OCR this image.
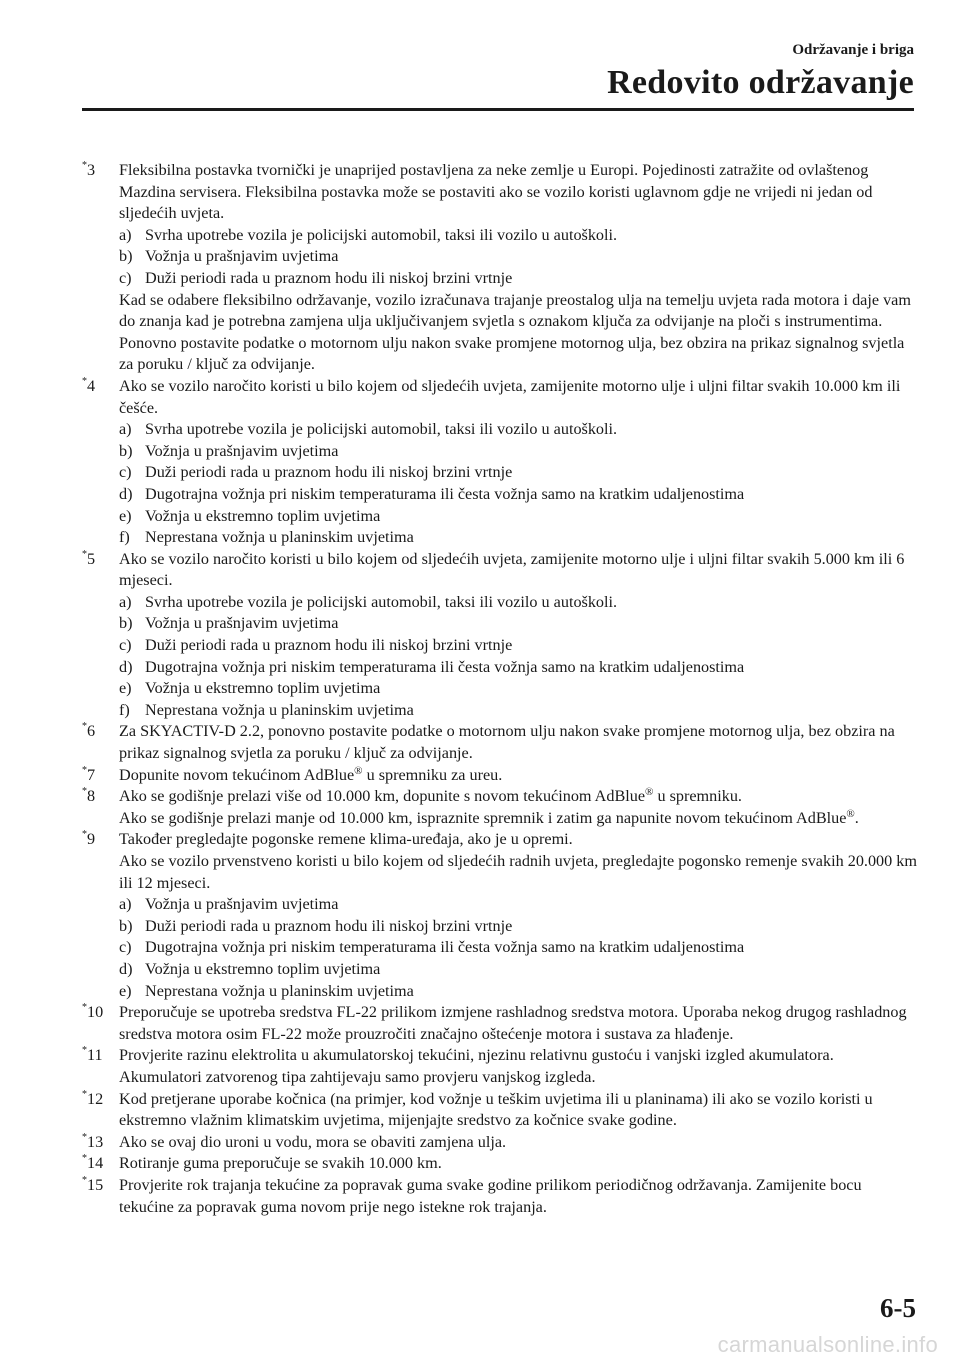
Održavanje i briga
Redovito održavanje
*3 Fleksibilna postavka tvornički je unaprijed postavljena za neke zemlje u Europi. Pojedinosti zatražite od ovlaštenog Mazdina servisera. Fleksibilna postavka može se postaviti ako se vozilo koristi uglavnom gdje ne vrijedi ni jedan od sljedećih uvjeta.
a) Svrha upotrebe vozila je policijski automobil, taksi ili vozilo u autoškoli.
b) Vožnja u prašnjavim uvjetima
c) Duži periodi rada u praznom hodu ili niskoj brzini vrtnje
Kad se odabere fleksibilno održavanje, vozilo izračunava trajanje preostalog ulja na temelju uvjeta rada motora i daje vam do znanja kad je potrebna zamjena ulja uključivanjem svjetla s oznakom ključa za odvijanje na ploči s instrumentima.
Ponovno postavite podatke o motornom ulju nakon svake promjene motornog ulja, bez obzira na prikaz signalnog svjetla za poruku / ključ za odvijanje.
*4 Ako se vozilo naročito koristi u bilo kojem od sljedećih uvjeta, zamijenite motorno ulje i uljni filtar svakih 10.000 km ili češće.
a) Svrha upotrebe vozila je policijski automobil, taksi ili vozilo u autoškoli.
b) Vožnja u prašnjavim uvjetima
c) Duži periodi rada u praznom hodu ili niskoj brzini vrtnje
d) Dugotrajna vožnja pri niskim temperaturama ili česta vožnja samo na kratkim udaljenostima
e) Vožnja u ekstremno toplim uvjetima
f) Neprestana vožnja u planinskim uvjetima
*5 Ako se vozilo naročito koristi u bilo kojem od sljedećih uvjeta, zamijenite motorno ulje i uljni filtar svakih 5.000 km ili 6 mjeseci.
a) Svrha upotrebe vozila je policijski automobil, taksi ili vozilo u autoškoli.
b) Vožnja u prašnjavim uvjetima
c) Duži periodi rada u praznom hodu ili niskoj brzini vrtnje
d) Dugotrajna vožnja pri niskim temperaturama ili česta vožnja samo na kratkim udaljenostima
e) Vožnja u ekstremno toplim uvjetima
f) Neprestana vožnja u planinskim uvjetima
*6 Za SKYACTIV-D 2.2, ponovno postavite podatke o motornom ulju nakon svake promjene motornog ulja, bez obzira na prikaz signalnog svjetla za poruku / ključ za odvijanje.
*7 Dopunite novom tekućinom AdBlue® u spremniku za ureu.
*8 Ako se godišnje prelazi više od 10.000 km, dopunite s novom tekućinom AdBlue® u spremniku.
Ako se godišnje prelazi manje od 10.000 km, ispraznite spremnik i zatim ga napunite novom tekućinom AdBlue®.
*9 Također pregledajte pogonske remene klima-uređaja, ako je u opremi.
Ako se vozilo prvenstveno koristi u bilo kojem od sljedećih radnih uvjeta, pregledajte pogonsko remenje svakih 20.000 km ili 12 mjeseci.
a) Vožnja u prašnjavim uvjetima
b) Duži periodi rada u praznom hodu ili niskoj brzini vrtnje
c) Dugotrajna vožnja pri niskim temperaturama ili česta vožnja samo na kratkim udaljenostima
d) Vožnja u ekstremno toplim uvjetima
e) Neprestana vožnja u planinskim uvjetima
*10 Preporučuje se upotreba sredstva FL-22 prilikom izmjene rashladnog sredstva motora. Uporaba nekog drugog rashladnog sredstva motora osim FL-22 može prouzročiti značajno oštećenje motora i sustava za hlađenje.
*11 Provjerite razinu elektrolita u akumulatorskoj tekućini, njezinu relativnu gustoću i vanjski izgled akumulatora. Akumulatori zatvorenog tipa zahtijevaju samo provjeru vanjskog izgleda.
*12 Kod pretjerane uporabe kočnica (na primjer, kod vožnje u teškim uvjetima ili u planinama) ili ako se vozilo koristi u ekstremno vlažnim klimatskim uvjetima, mijenjajte sredstvo za kočnice svake godine.
*13 Ako se ovaj dio uroni u vodu, mora se obaviti zamjena ulja.
*14 Rotiranje guma preporučuje se svakih 10.000 km.
*15 Provjerite rok trajanja tekućine za popravak guma svake godine prilikom periodičnog održavanja. Zamijenite bocu tekućine za popravak guma novom prije nego istekne rok trajanja.
6-5
carmanualsonline.info
